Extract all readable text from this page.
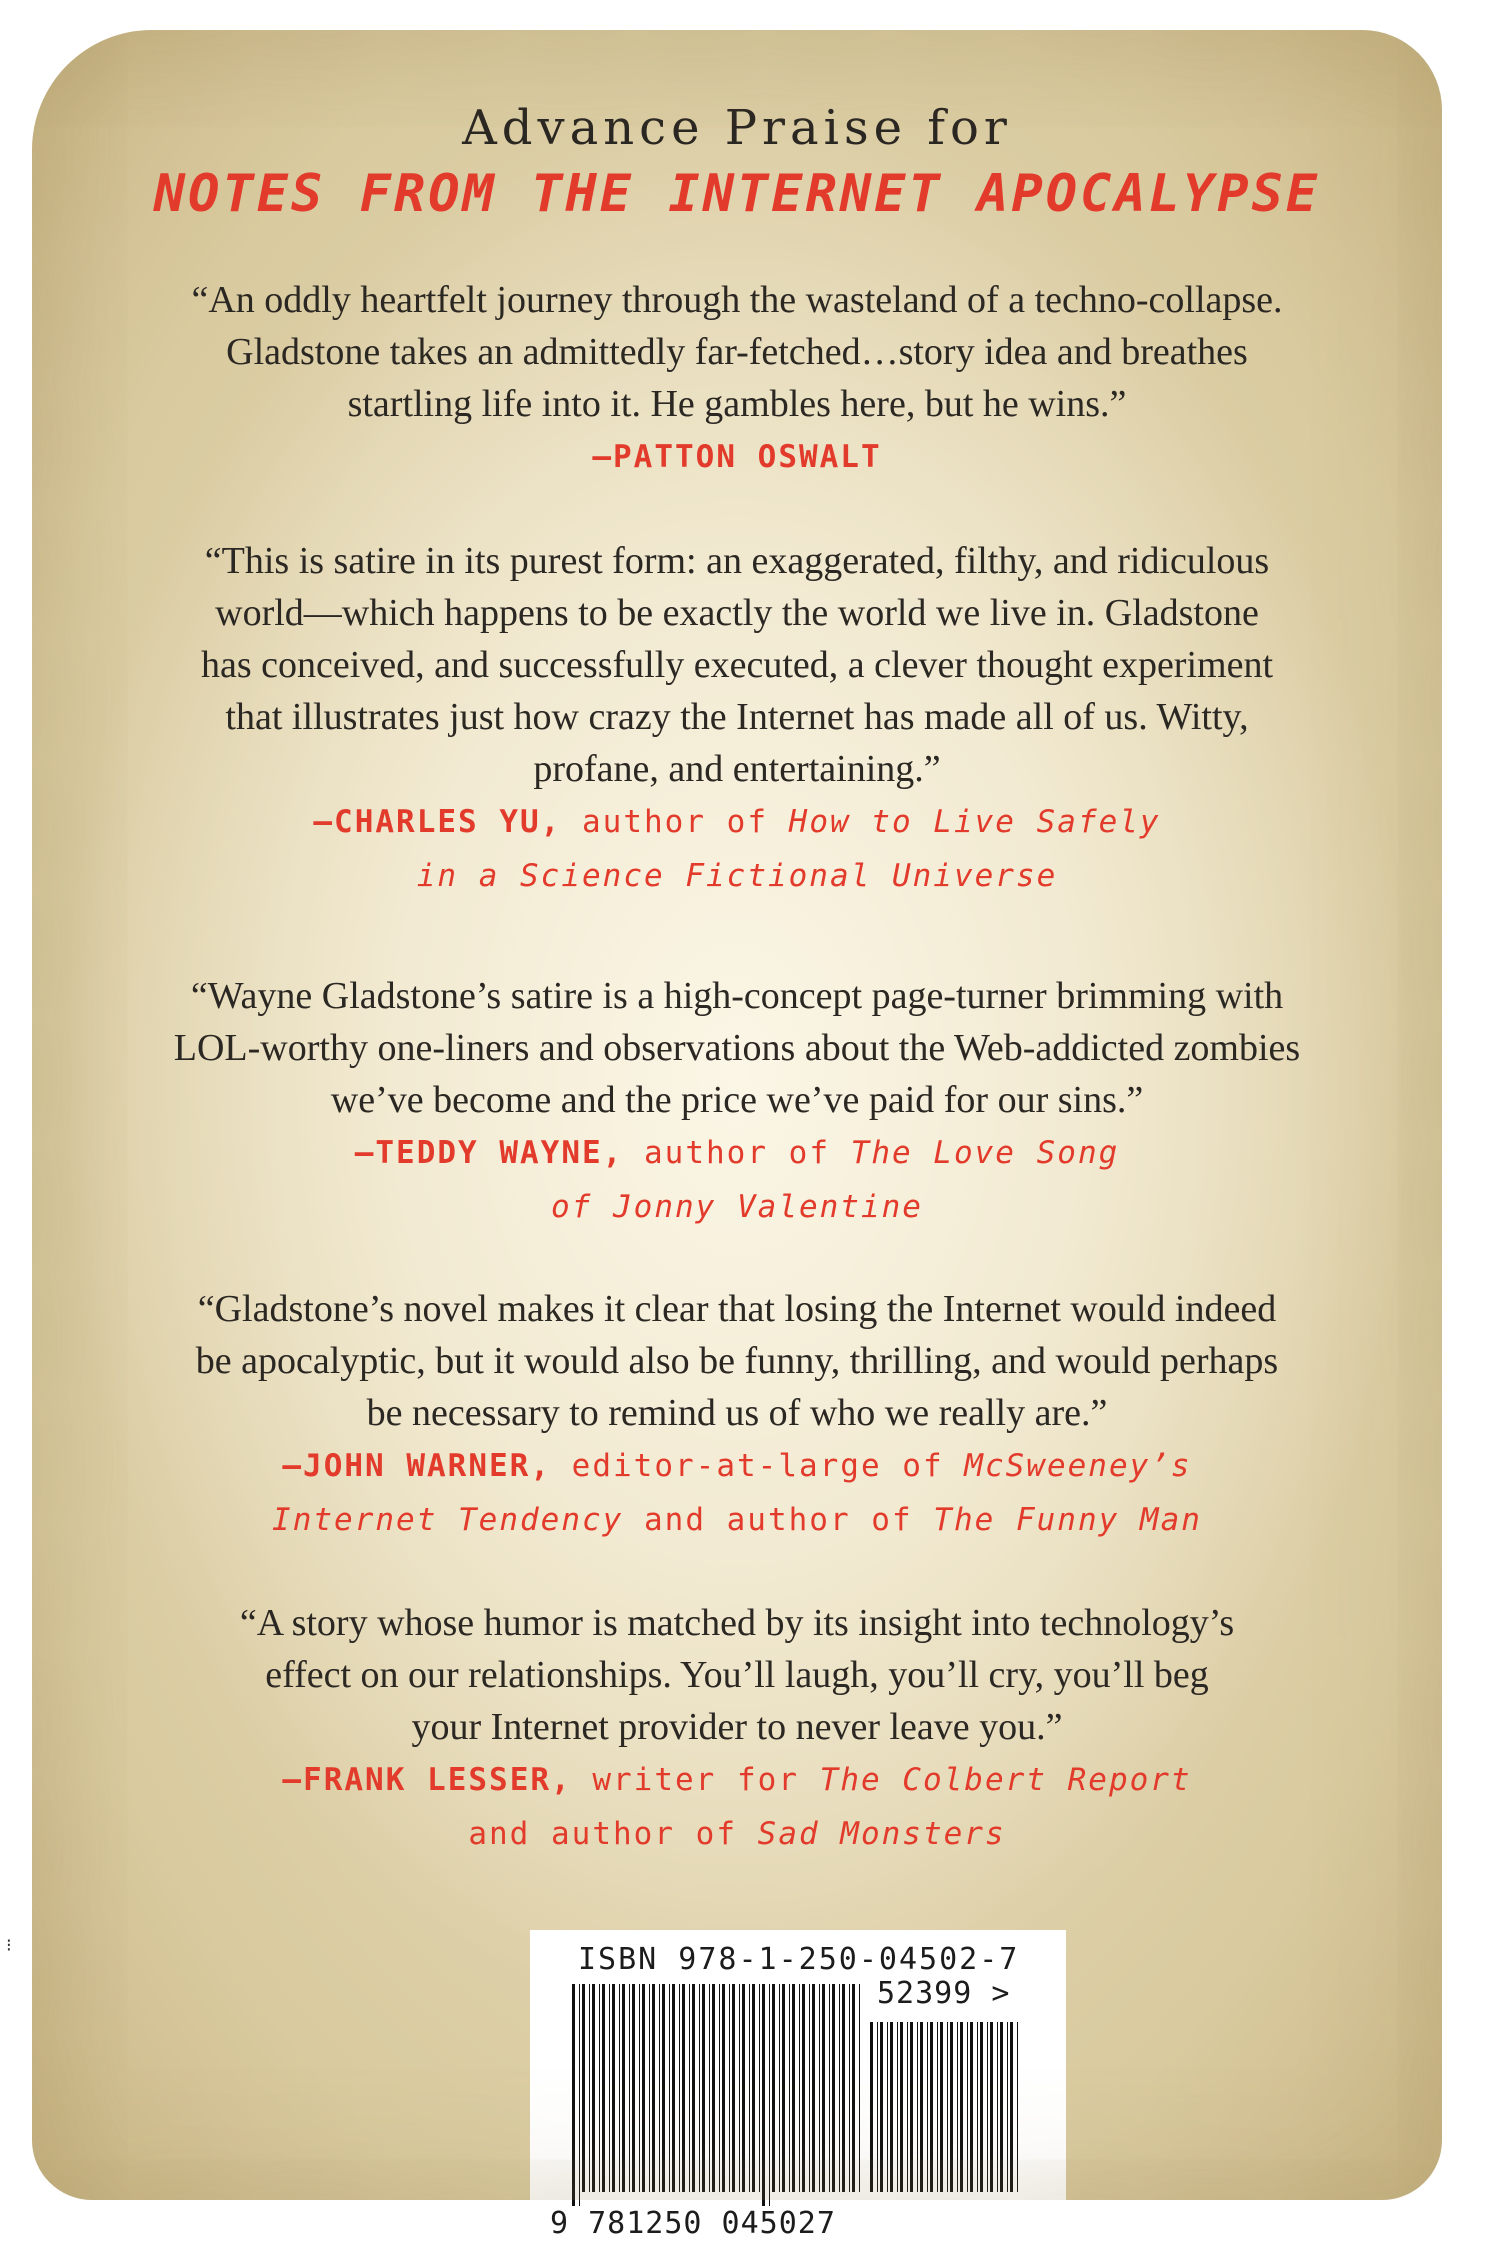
Advance Praise for
NOTES FROM THE INTERNET APOCALYPSE

“An oddly heartfelt journey through the wasteland of a techno-collapse. Gladstone takes an admittedly far-fetched…story idea and breathes startling life into it. He gambles here, but he wins.”

—PATTON OSWALT

“This is satire in its purest form: an exaggerated, filthy, and ridiculous world—which happens to be exactly the world we live in. Gladstone has conceived, and successfully executed, a clever thought experiment that illustrates just how crazy the Internet has made all of us. Witty, profane, and entertaining.”

—CHARLES YU, author of How to Live Safely in a Science Fictional Universe

“Wayne Gladstone’s satire is a high-concept page-turner brimming with LOL-worthy one-liners and observations about the Web-addicted zombies we’ve become and the price we’ve paid for our sins.”

—TEDDY WAYNE, author of The Love Song of Jonny Valentine

“Gladstone’s novel makes it clear that losing the Internet would indeed be apocalyptic, but it would also be funny, thrilling, and would perhaps be necessary to remind us of who we really are.”

—JOHN WARNER, editor-at-large of McSweeney’s Internet Tendency and author of The Funny Man

“A story whose humor is matched by its insight into technology’s effect on our relationships. You’ll laugh, you’ll cry, you’ll beg your Internet provider to never leave you.”

—FRANK LESSER, writer for The Colbert Report and author of Sad Monsters

ISBN 978-1-250-04502-7
52399 >
9 781250 045027
⁝
